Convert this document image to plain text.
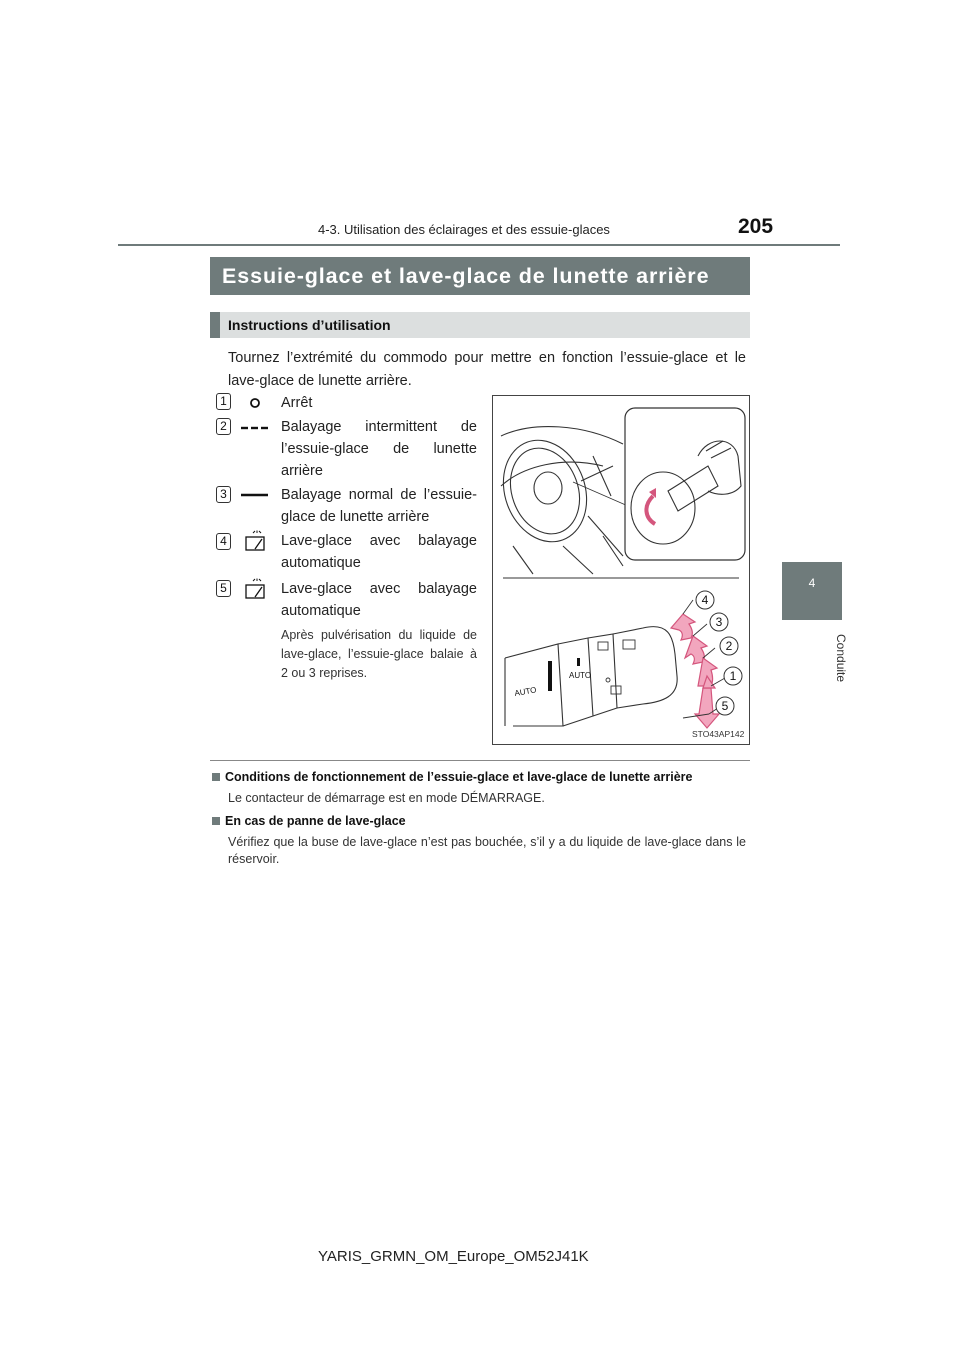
4-3. Utilisation des éclairages et des essuie-glaces	205
4
Conduite
Essuie-glace et lave-glace de lunette arrière
Instructions d’utilisation
Tournez l’extrémité du commodo pour mettre en fonction l’essuie-glace et le lave-glace de lunette arrière.
1	Arrêt
2	Balayage intermittent de l’essuie-glace de lunette arrière
3	Balayage normal de l’essuie-glace de lunette arrière
4	Lave-glace avec balayage automatique
5	Lave-glace avec balayage automatique
Après pulvérisation du liquide de lave-glace, l’essuie-glace balaie à 2 ou 3 reprises.	AUTO
AUTO
4
3
2
1
5
STO43AP142
Conditions de fonctionnement de l’essuie-glace et lave-glace de lunette arrière
Le contacteur de démarrage est en mode DÉMARRAGE.
En cas de panne de lave-glace
Vérifiez que la buse de lave-glace n’est pas bouchée, s’il y a du liquide de lave-glace dans le réservoir.
YARIS_GRMN_OM_Europe_OM52J41K
